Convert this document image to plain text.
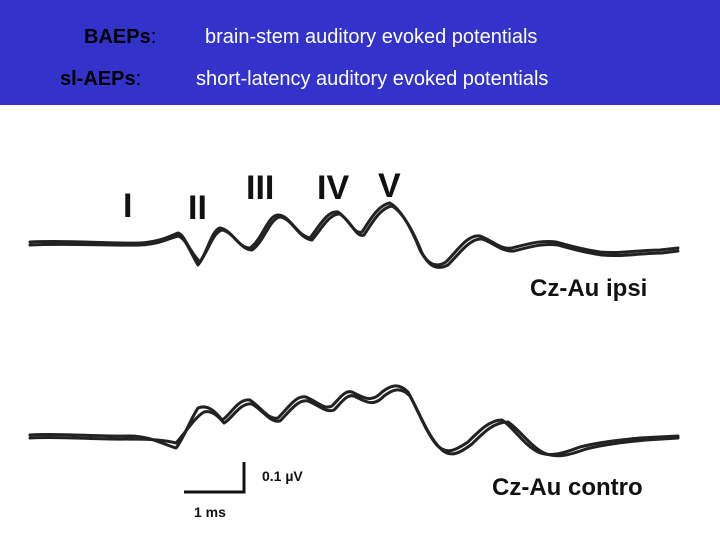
BAEPs: brain-stem auditory evoked potentials
sl-AEPs:	short-latency auditory evoked potentials
I II
III IV V
Cz-Au ipsi
Cz-Au contro
0.1 µV
1 ms
